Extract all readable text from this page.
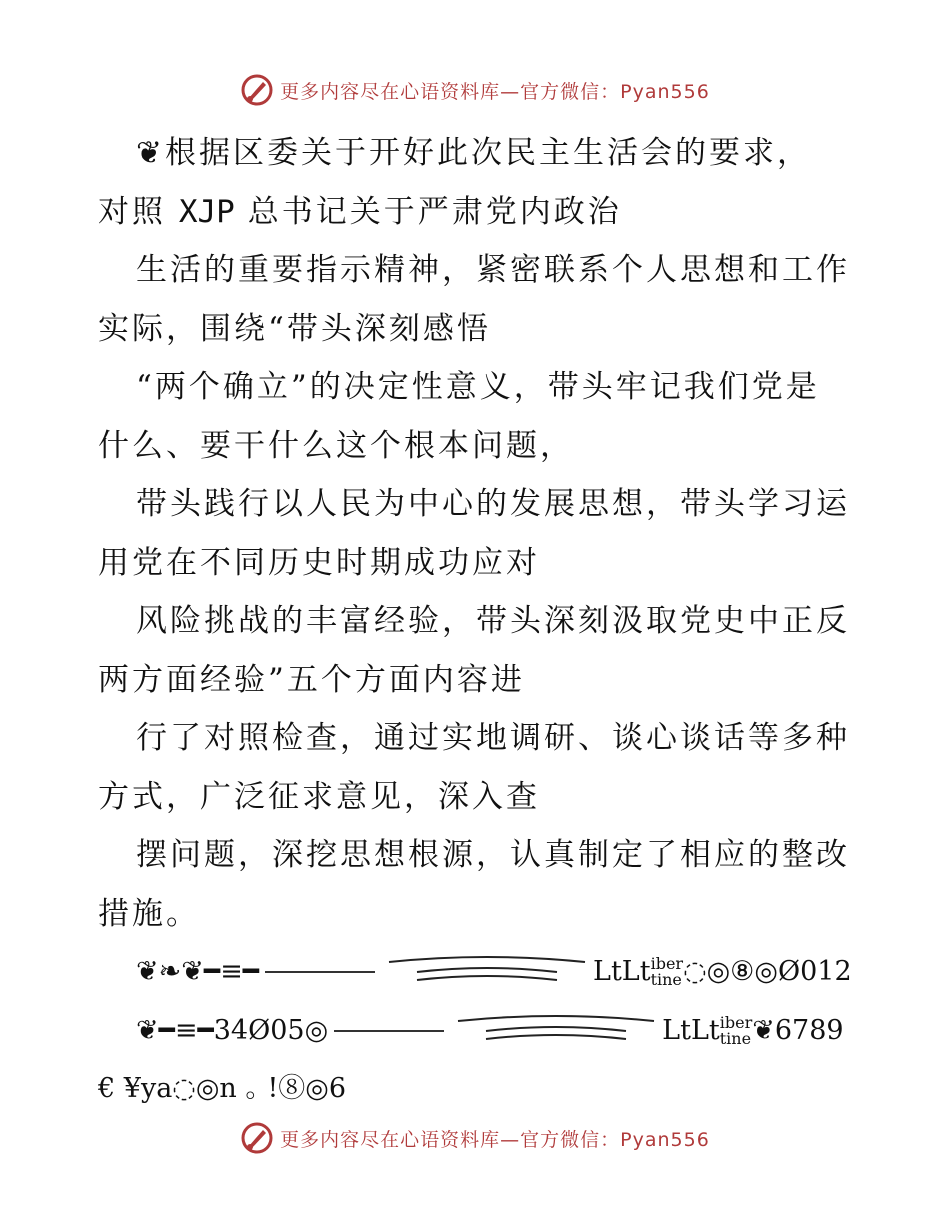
更多内容尽在心语资料库—官方微信：Pyan556

❦根据区委关于开好此次民主生活会的要求，

对照 XJP 总书记关于严肃党内政治

生活的重要指示精神，紧密联系个人思想和工作

实际，围绕“带头深刻感悟

“两个确立”的决定性意义，带头牢记我们党是

什么、要干什么这个根本问题，

带头践行以人民为中心的发展思想，带头学习运

用党在不同历史时期成功应对

风险挑战的丰富经验，带头深刻汲取党史中正反

两方面经验”五个方面内容进

行了对照检查，通过实地调研、谈心谈话等多种

方式，广泛征求意见，深入查

摆问题，深挖思想根源，认真制定了相应的整改

措施。

❦❧❦ ━≡━	LtLt iber
tine ◌◎⑧◎ Ø012
❦ ━≡━34Ø05 ◎	LtLt iber
tine ❦ 6789

€ ¥ya◌◎n ｡ !⑧◎6

更多内容尽在心语资料库—官方微信：Pyan556
